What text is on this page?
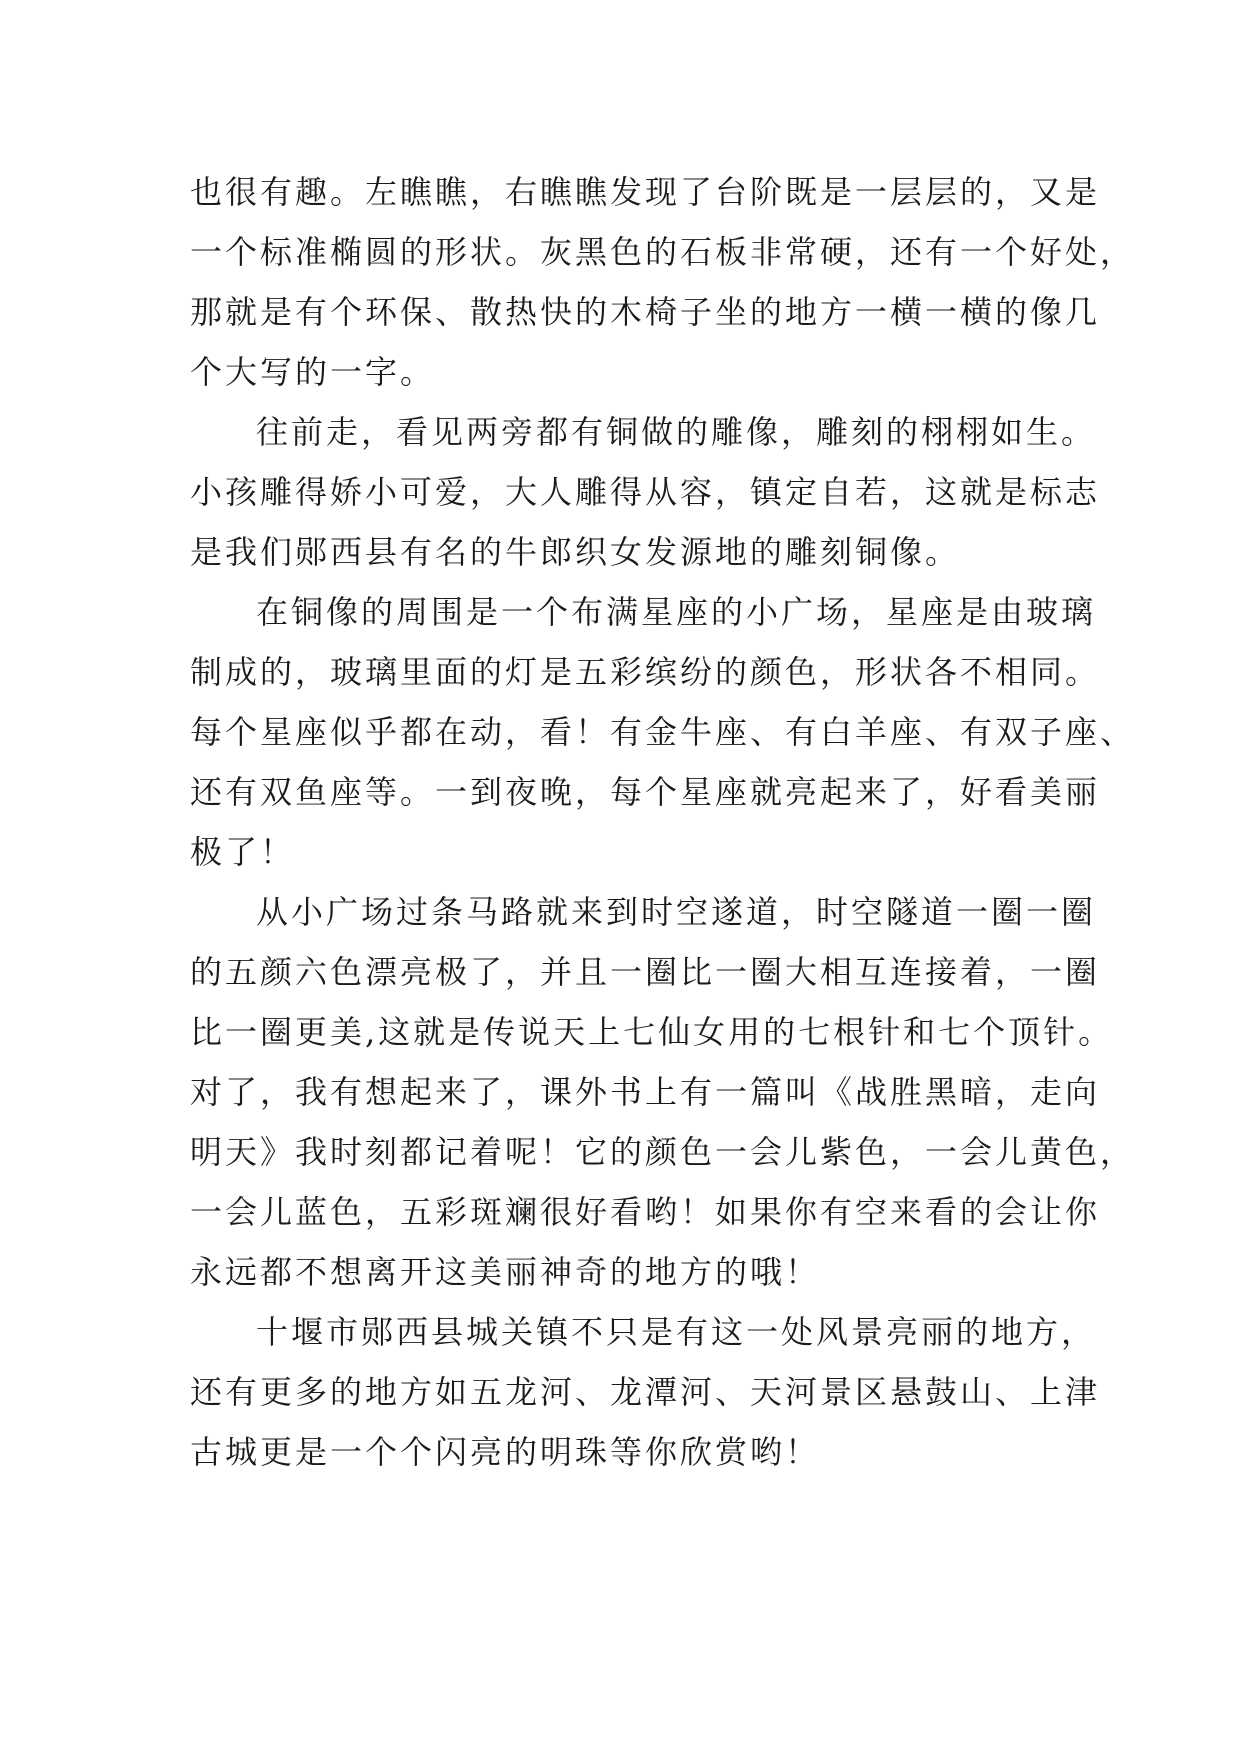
也很有趣。左瞧瞧，右瞧瞧发现了台阶既是一层层的，又是
一个标准椭圆的形状。灰黑色的石板非常硬，还有一个好处，
那就是有个环保、散热快的木椅子坐的地方一横一横的像几
个大写的一字。
往前走，看见两旁都有铜做的雕像，雕刻的栩栩如生。
小孩雕得娇小可爱，大人雕得从容，镇定自若，这就是标志
是我们郧西县有名的牛郎织女发源地的雕刻铜像。
在铜像的周围是一个布满星座的小广场，星座是由玻璃
制成的，玻璃里面的灯是五彩缤纷的颜色，形状各不相同。
每个星座似乎都在动，看！有金牛座、有白羊座、有双子座、
还有双鱼座等。一到夜晚，每个星座就亮起来了，好看美丽
极了！
从小广场过条马路就来到时空遂道，时空隧道一圈一圈
的五颜六色漂亮极了，并且一圈比一圈大相互连接着，一圈
比一圈更美,这就是传说天上七仙女用的七根针和七个顶针。
对了，我有想起来了，课外书上有一篇叫《战胜黑暗，走向
明天》我时刻都记着呢！它的颜色一会儿紫色，一会儿黄色，
一会儿蓝色，五彩斑斓很好看哟！如果你有空来看的会让你
永远都不想离开这美丽神奇的地方的哦！
十堰市郧西县城关镇不只是有这一处风景亮丽的地方，
还有更多的地方如五龙河、龙潭河、天河景区悬鼓山、上津
古城更是一个个闪亮的明珠等你欣赏哟！
